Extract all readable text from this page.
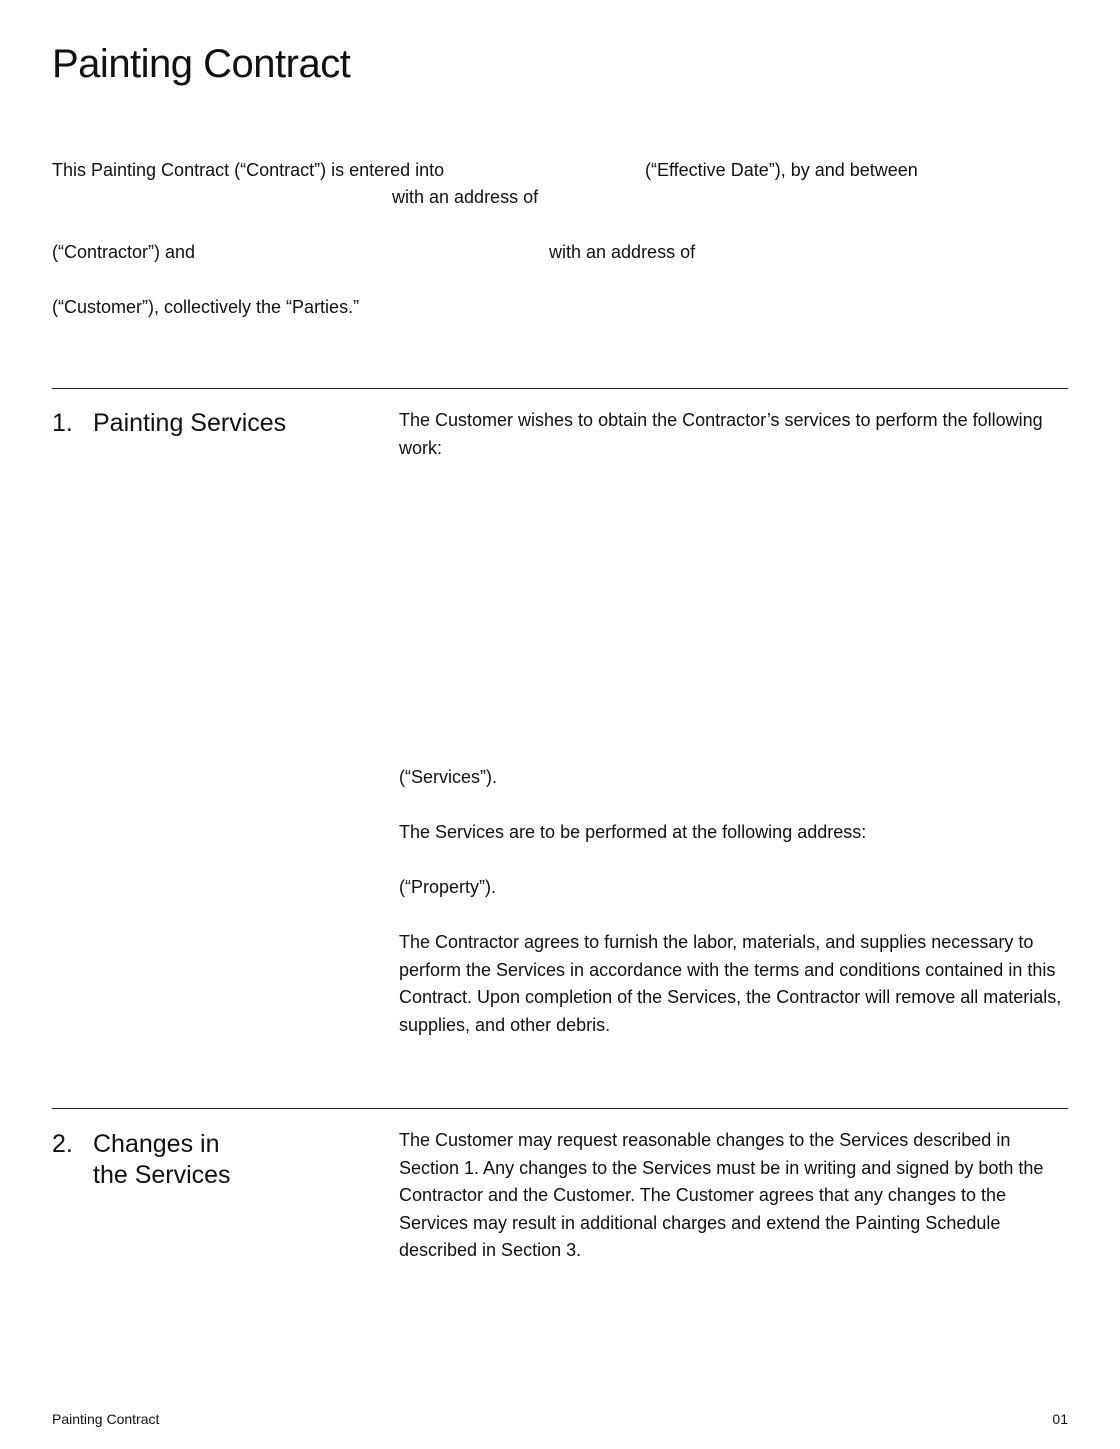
Painting Contract
This Painting Contract (“Contract”) is entered into	(“Effective Date”), by and between
with an address of
(“Contractor”) and	with an address of
(“Customer”), collectively the “Parties.”
1. Painting Services	The Customer wishes to obtain the Contractor’s services to perform the following work:
(“Services”).
The Services are to be performed at the following address:
(“Property”).
The Contractor agrees to furnish the labor, materials, and supplies necessary to perform the Services in accordance with the terms and conditions contained in this Contract. Upon completion of the Services, the Contractor will remove all materials, supplies, and other debris.
2. Changes in
the Services
The Customer may request reasonable changes to the Services described in Section 1. Any changes to the Services must be in writing and signed by both the Contractor and the Customer. The Customer agrees that any changes to the Services may result in additional charges and extend the Painting Schedule described in Section 3.
Painting Contract	01
